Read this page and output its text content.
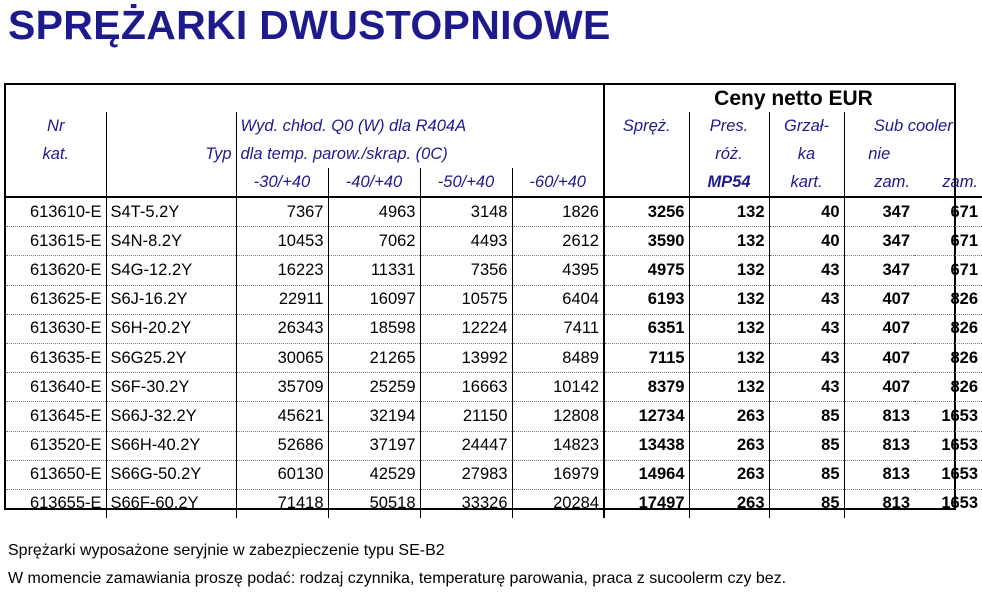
SPRĘŻARKI DWUSTOPNIOWE
						Ceny netto EUR				
Nr		Wyd. chłod. Q0 (W) dla R404A				Spręż.	Pres.	Grzał-	Sub cooler	
kat.	Typ	dla temp. parow./skrap. (0C)					róż.	ka	nie	
		-30/+40	-40/+40	-50/+40	-60/+40		MP54	kart.	zam.	zam.
613610-E	S4T-5.2Y	7367	4963	3148	1826	3256	132	40	347	671
613615-E	S4N-8.2Y	10453	7062	4493	2612	3590	132	40	347	671
613620-E	S4G-12.2Y	16223	11331	7356	4395	4975	132	43	347	671
613625-E	S6J-16.2Y	22911	16097	10575	6404	6193	132	43	407	826
613630-E	S6H-20.2Y	26343	18598	12224	7411	6351	132	43	407	826
613635-E	S6G25.2Y	30065	21265	13992	8489	7115	132	43	407	826
613640-E	S6F-30.2Y	35709	25259	16663	10142	8379	132	43	407	826
613645-E	S66J-32.2Y	45621	32194	21150	12808	12734	263	85	813	1653
613520-E	S66H-40.2Y	52686	37197	24447	14823	13438	263	85	813	1653
613650-E	S66G-50.2Y	60130	42529	27983	16979	14964	263	85	813	1653
613655-E	S66F-60.2Y	71418	50518	33326	20284	17497	263	85	813	1653

Sprężarki wyposażone seryjnie w zabezpieczenie typu SE-B2

W momencie zamawiania proszę podać: rodzaj czynnika, temperaturę parowania, praca z sucoolerm czy bez.
